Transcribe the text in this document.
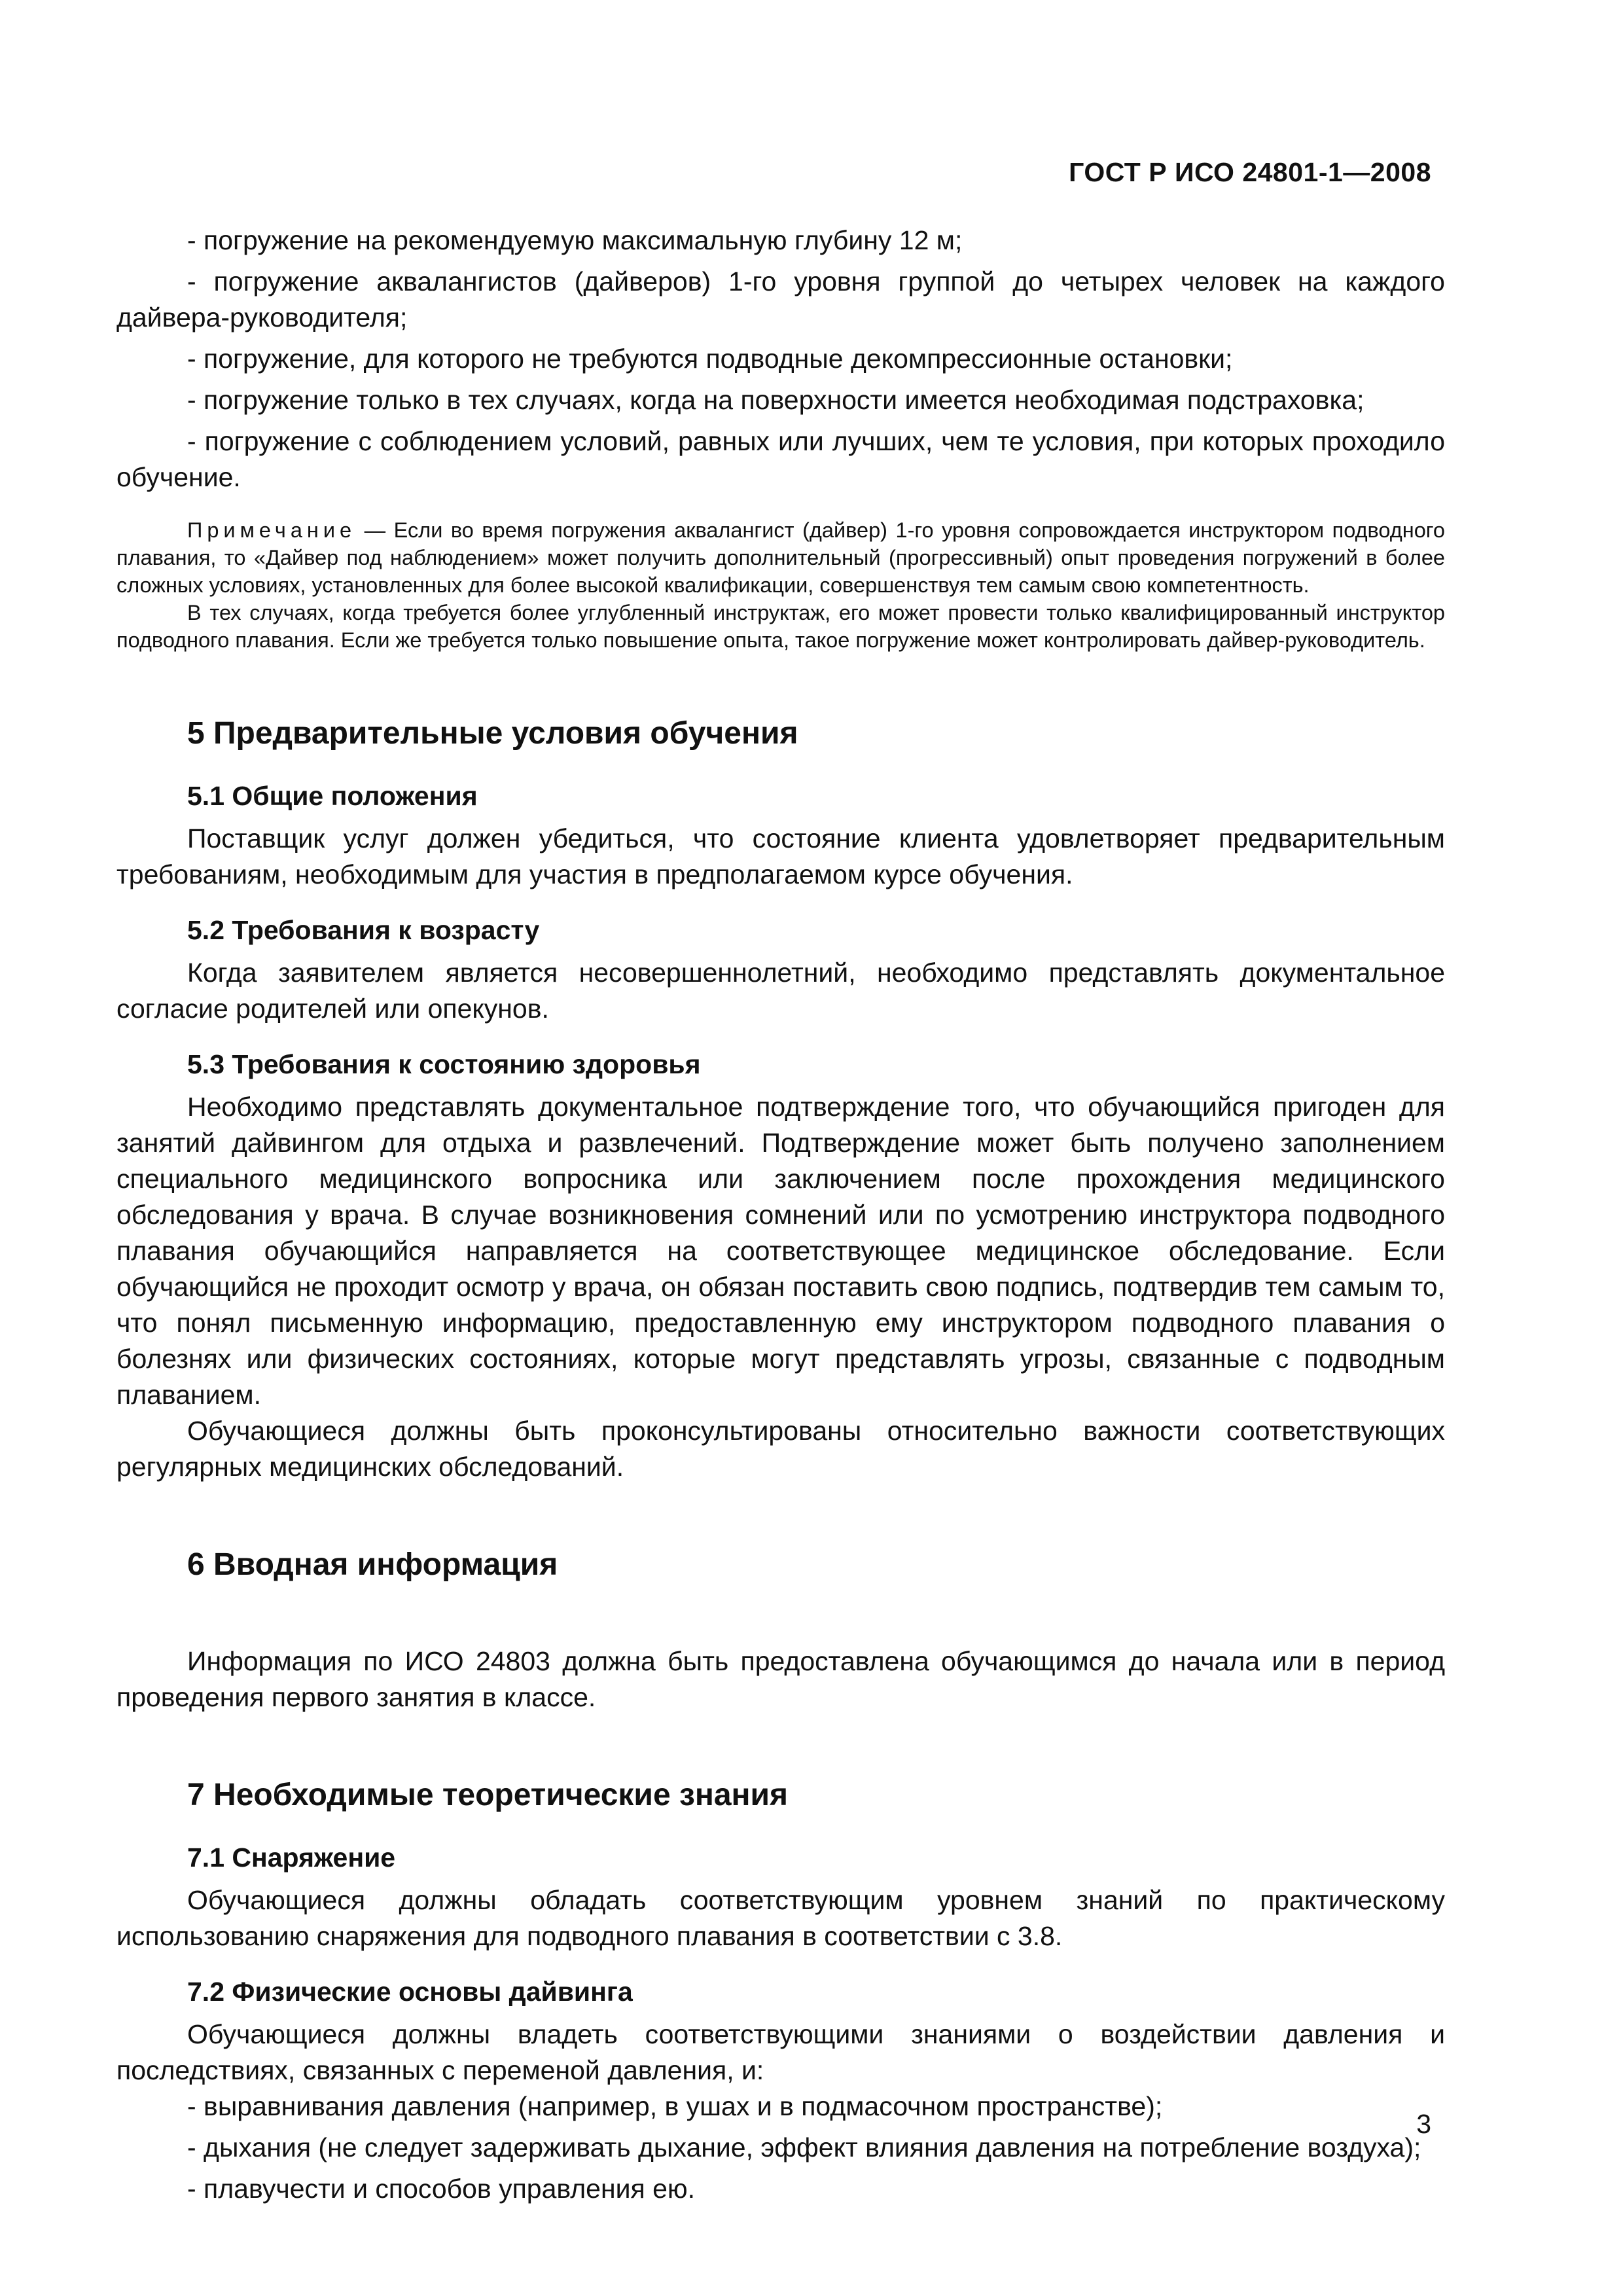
ГОСТ Р ИСО 24801-1—2008

- погружение на рекомендуемую максимальную глубину 12 м;

- погружение аквалангистов (дайверов) 1-го уровня группой до четырех человек на каждого дайвера-руководителя;

- погружение, для которого не требуются подводные декомпрессионные остановки;

- погружение только в тех случаях, когда на поверхности имеется необходимая подстраховка;

- погружение с соблюдением условий, равных или лучших, чем те условия, при которых проходило обучение.

Примечание — Если во время погружения аквалангист (дайвер) 1-го уровня сопровождается инструктором подводного плавания, то «Дайвер под наблюдением» может получить дополнительный (прогрессивный) опыт проведения погружений в более сложных условиях, установленных для более высокой квалификации, совершенствуя тем самым свою компетентность.

В тех случаях, когда требуется более углубленный инструктаж, его может провести только квалифицированный инструктор подводного плавания. Если же требуется только повышение опыта, такое погружение может контролировать дайвер-руководитель.

5 Предварительные условия обучения
5.1 Общие положения

Поставщик услуг должен убедиться, что состояние клиента удовлетворяет предварительным требованиям, необходимым для участия в предполагаемом курсе обучения.

5.2 Требования к возрасту

Когда заявителем является несовершеннолетний, необходимо представлять документальное согласие родителей или опекунов.

5.3 Требования к состоянию здоровья

Необходимо представлять документальное подтверждение того, что обучающийся пригоден для занятий дайвингом для отдыха и развлечений. Подтверждение может быть получено заполнением специального медицинского вопросника или заключением после прохождения медицинского обследования у врача. В случае возникновения сомнений или по усмотрению инструктора подводного плавания обучающийся направляется на соответствующее медицинское обследование. Если обучающийся не проходит осмотр у врача, он обязан поставить свою подпись, подтвердив тем самым то, что понял письменную информацию, предоставленную ему инструктором подводного плавания о болезнях или физических состояниях, которые могут представлять угрозы, связанные с подводным плаванием.

Обучающиеся должны быть проконсультированы относительно важности соответствующих регулярных медицинских обследований.

6 Вводная информация

Информация по ИСО 24803 должна быть предоставлена обучающимся до начала или в период проведения первого занятия в классе.

7 Необходимые теоретические знания
7.1 Снаряжение

Обучающиеся должны обладать соответствующим уровнем знаний по практическому использованию снаряжения для подводного плавания в соответствии с 3.8.

7.2 Физические основы дайвинга

Обучающиеся должны владеть соответствующими знаниями о воздействии давления и последствиях, связанных с переменой давления, и:

- выравнивания давления (например, в ушах и в подмасочном пространстве);

- дыхания (не следует задерживать дыхание, эффект влияния давления на потребление воздуха);

- плавучести и способов управления ею.

3
